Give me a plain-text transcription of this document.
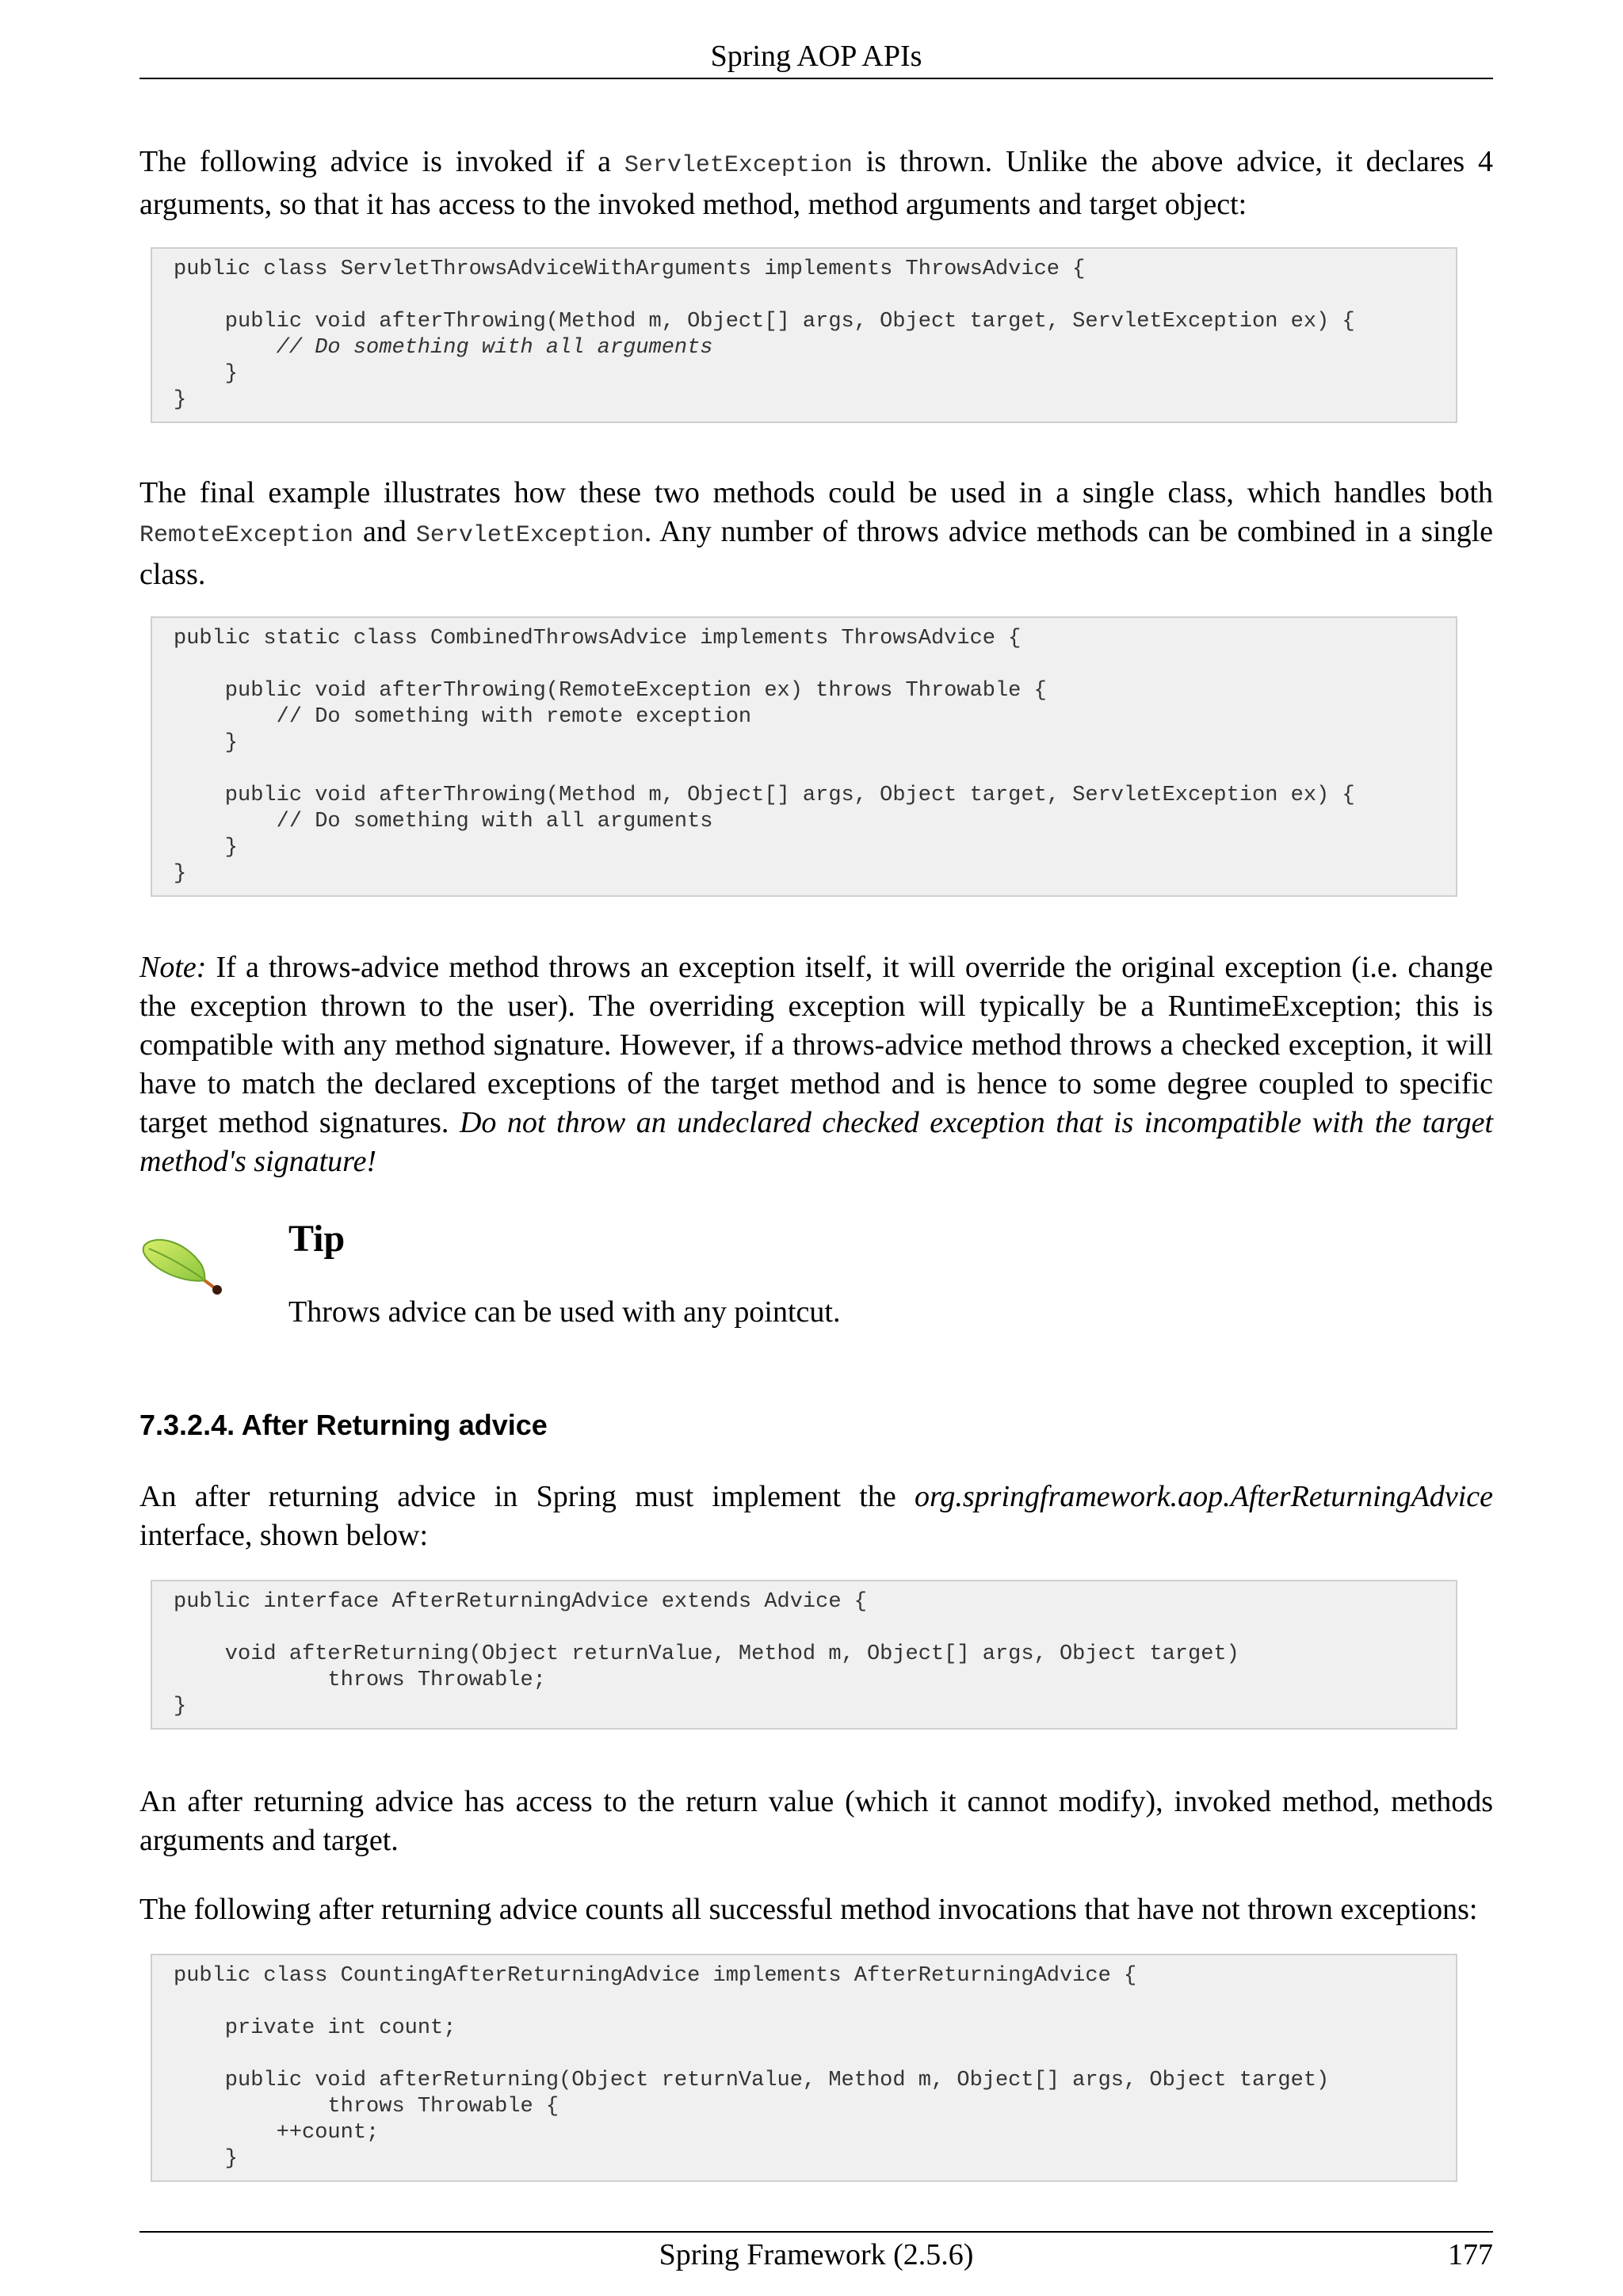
Spring AOP APIs

The following advice is invoked if a ServletException is thrown. Unlike the above advice, it declares 4 arguments, so that it has access to the invoked method, method arguments and target object:

public class ServletThrowsAdviceWithArguments implements ThrowsAdvice {

public void afterThrowing(Method m, Object[] args, Object target, ServletException ex) {
// Do something with all arguments
}
}

The final example illustrates how these two methods could be used in a single class, which handles both RemoteException and ServletException. Any number of throws advice methods can be combined in a single class.

public static class CombinedThrowsAdvice implements ThrowsAdvice {

public void afterThrowing(RemoteException ex) throws Throwable {
// Do something with remote exception
}

public void afterThrowing(Method m, Object[] args, Object target, ServletException ex) {
// Do something with all arguments
}
}

Note: If a throws-advice method throws an exception itself, it will override the original exception (i.e. change the exception thrown to the user). The overriding exception will typically be a RuntimeException; this is compatible with any method signature. However, if a throws-advice method throws a checked exception, it will have to match the declared exceptions of the target method and is hence to some degree coupled to specific target method signatures. Do not throw an undeclared checked exception that is incompatible with the target method's signature!

Tip

Throws advice can be used with any pointcut.

7.3.2.4. After Returning advice

An after returning advice in Spring must implement the org.springframework.aop.AfterReturningAdvice interface, shown below:

public interface AfterReturningAdvice extends Advice {

void afterReturning(Object returnValue, Method m, Object[] args, Object target)
throws Throwable;
}

An after returning advice has access to the return value (which it cannot modify), invoked method, methods arguments and target.

The following after returning advice counts all successful method invocations that have not thrown exceptions:

public class CountingAfterReturningAdvice implements AfterReturningAdvice {

private int count;

public void afterReturning(Object returnValue, Method m, Object[] args, Object target)
throws Throwable {
++count;
}
Spring Framework (2.5.6)	177
